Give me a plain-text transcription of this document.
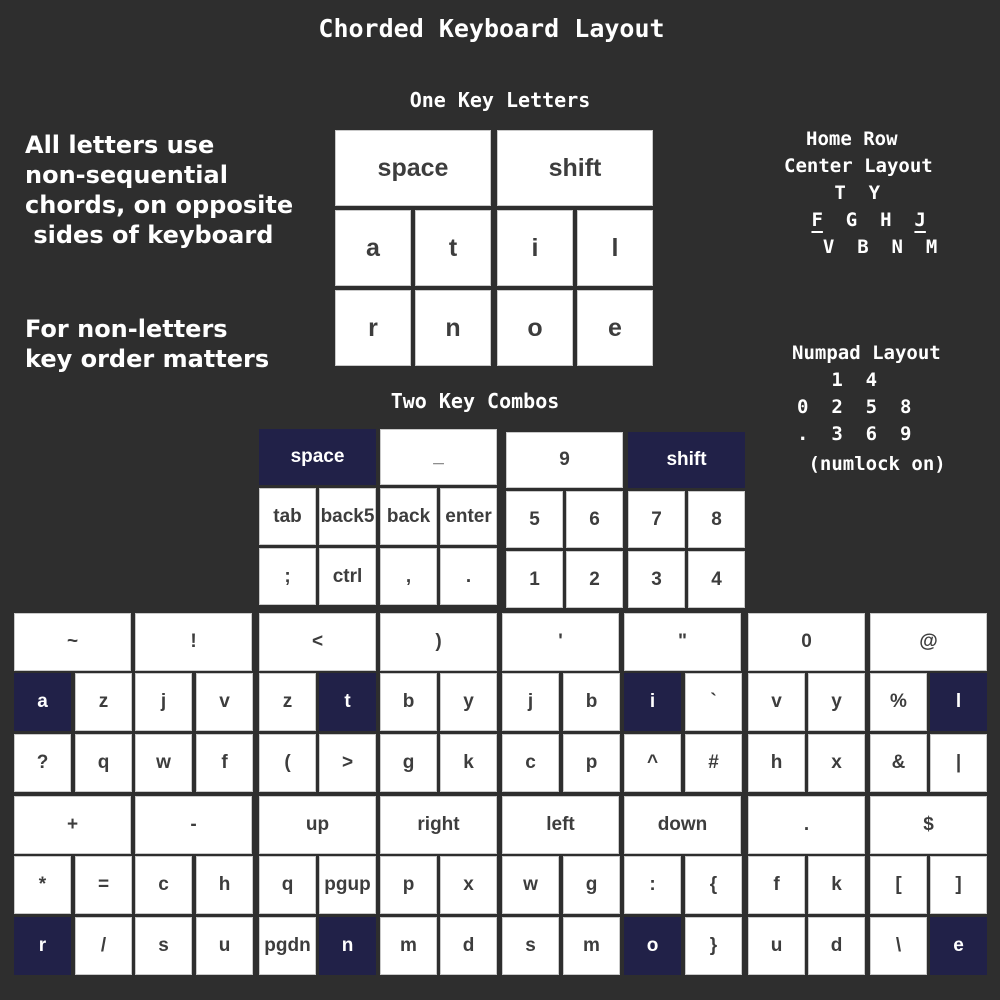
Chorded Keyboard Layout
One Key Letters
Two Key Combos
All letters use
non-sequential
chords, on opposite
sides of keyboard
For non-letters
key order matters
Home Row
Center Layout
T  Y
F  G  H  J
V  B  N  M
Numpad Layout
1  4
0  2  5  8
.  3  6  9
(numlock on)
space	shift
a	t	i	l
r	n	o	e
space	_
tab back5 back enter
;	ctrl	,	.
9	shift
5	6	7	8
1	2	3	4
~	!	<	)	'	"	0	@
a	z	j	v	z	t	b	y	j	b	i	`	v	y	%	l
?	q	w	f	(	>	g	k	c	p	^	#	h	x	&	|
+	-	up	right	left	down	.	$
*	=	c	h	q	pgup	p	x	w	g	:	{	f	k	[	]
r	/	s	u	pgdn	n	m	d	s	m	o	}	u	d	\	e
